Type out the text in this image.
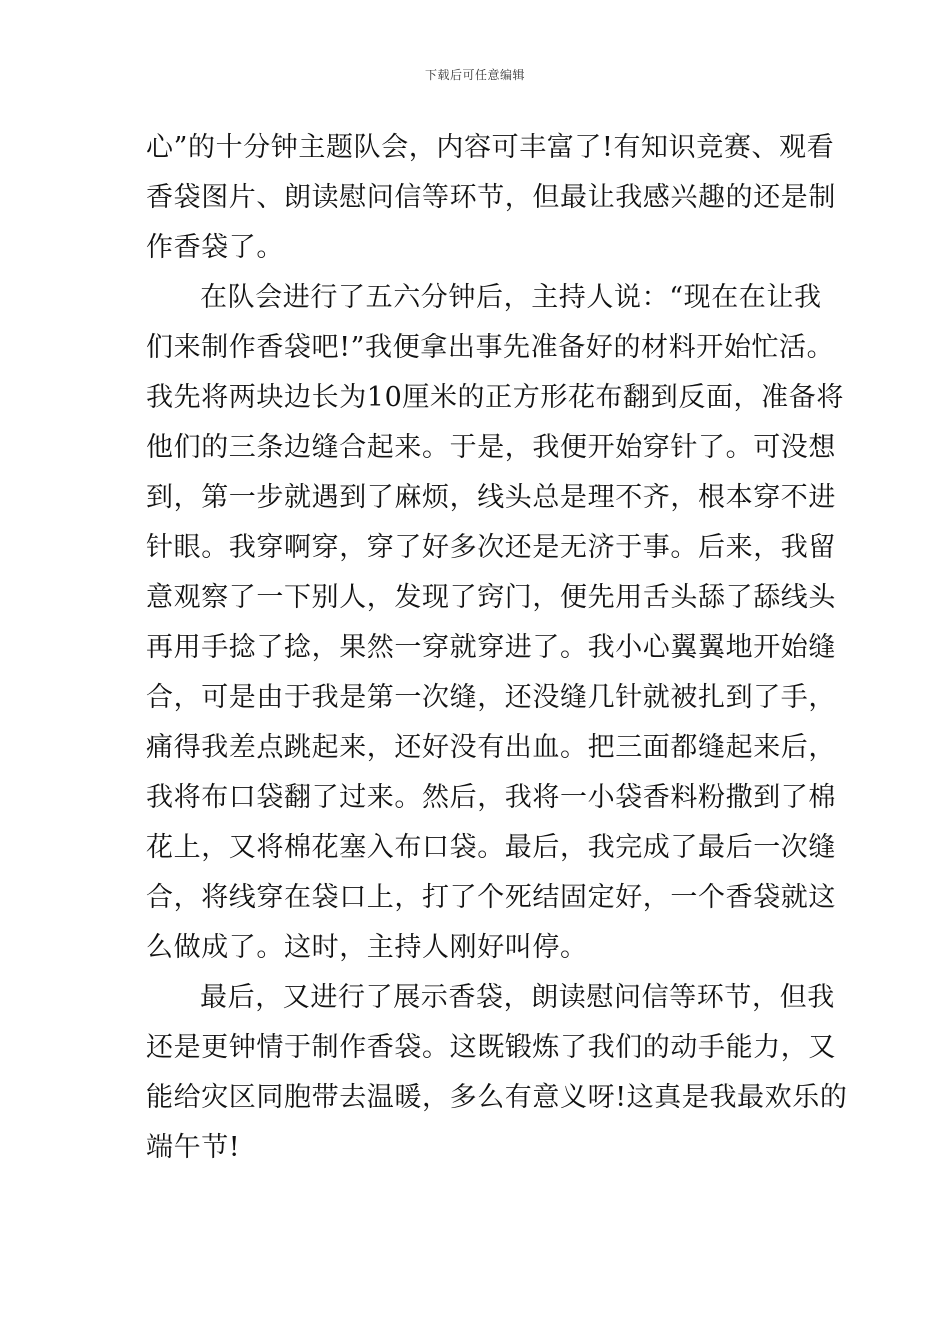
下载后可任意编辑
心”的十分钟主题队会，内容可丰富了!有知识竞赛、观看
香袋图片、朗读慰问信等环节，但最让我感兴趣的还是制
作香袋了。
在队会进行了五六分钟后，主持人说：“现在在让我
们来制作香袋吧!”我便拿出事先准备好的材料开始忙活。
我先将两块边长为10厘米的正方形花布翻到反面，准备将
他们的三条边缝合起来。于是，我便开始穿针了。可没想
到，第一步就遇到了麻烦，线头总是理不齐，根本穿不进
针眼。我穿啊穿，穿了好多次还是无济于事。后来，我留
意观察了一下别人，发现了窍门，便先用舌头舔了舔线头
再用手捻了捻，果然一穿就穿进了。我小心翼翼地开始缝
合，可是由于我是第一次缝，还没缝几针就被扎到了手，
痛得我差点跳起来，还好没有出血。把三面都缝起来后，
我将布口袋翻了过来。然后，我将一小袋香料粉撒到了棉
花上，又将棉花塞入布口袋。最后，我完成了最后一次缝
合，将线穿在袋口上，打了个死结固定好，一个香袋就这
么做成了。这时，主持人刚好叫停。
最后，又进行了展示香袋，朗读慰问信等环节，但我
还是更钟情于制作香袋。这既锻炼了我们的动手能力，又
能给灾区同胞带去温暖，多么有意义呀!这真是我最欢乐的
端午节!
